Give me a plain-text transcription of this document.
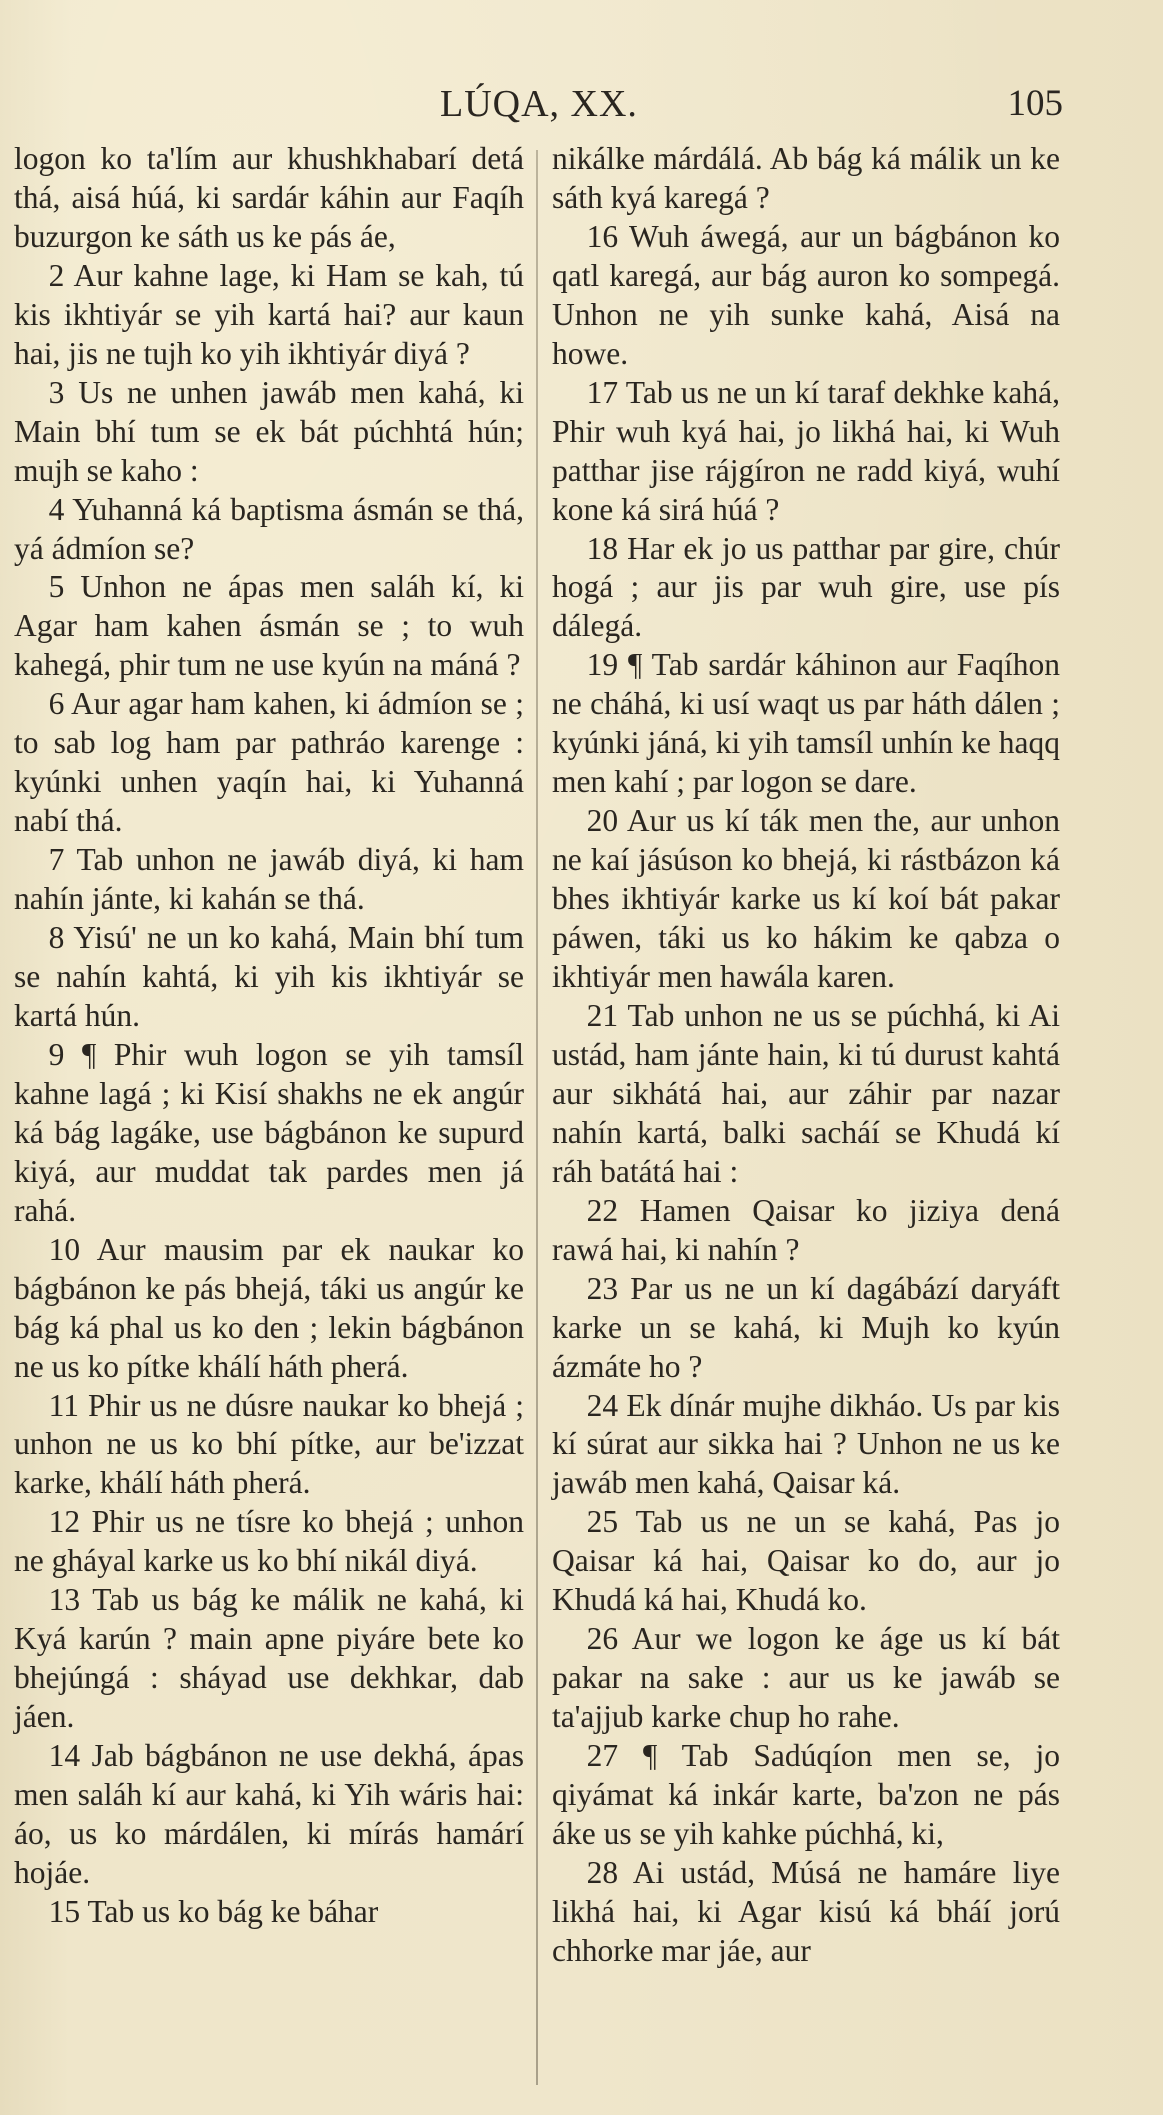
LÚQA, XX.	105

logon ko ta'lím aur khushkhabarí detá thá, aisá húá, ki sardár káhin aur Faqíh buzurgon ke sáth us ke pás áe,

2 Aur kahne lage, ki Ham se kah, tú kis ikhtiyár se yih kartá hai? aur kaun hai, jis ne tujh ko yih ikhtiyár diyá ?

3 Us ne unhen jawáb men kahá, ki Main bhí tum se ek bát púchhtá hún; mujh se kaho :

4 Yuhanná ká baptisma ásmán se thá, yá ádmíon se?

5 Unhon ne ápas men saláh kí, ki Agar ham kahen ásmán se ; to wuh kahegá, phir tum ne use kyún na máná ?

6 Aur agar ham kahen, ki ádmíon se ; to sab log ham par pathráo karenge : kyúnki unhen yaqín hai, ki Yuhanná nabí thá.

7 Tab unhon ne jawáb diyá, ki ham nahín jánte, ki kahán se thá.

8 Yisú' ne un ko kahá, Main bhí tum se nahín kahtá, ki yih kis ikhtiyár se kartá hún.

9 ¶ Phir wuh logon se yih tamsíl kahne lagá ; ki Kisí shakhs ne ek angúr ká bág lagáke, use bágbánon ke supurd kiyá, aur muddat tak pardes men já rahá.

10 Aur mausim par ek naukar ko bágbánon ke pás bhejá, táki us angúr ke bág ká phal us ko den ; lekin bágbánon ne us ko pítke khálí háth pherá.

11 Phir us ne dúsre naukar ko bhejá ; unhon ne us ko bhí pítke, aur be'izzat karke, khálí háth pherá.

12 Phir us ne tísre ko bhejá ; unhon ne gháyal karke us ko bhí nikál diyá.

13 Tab us bág ke málik ne kahá, ki Kyá karún ? main apne piyáre bete ko bhejúngá : sháyad use dekhkar, dab jáen.

14 Jab bágbánon ne use dekhá, ápas men saláh kí aur kahá, ki Yih wáris hai: áo, us ko márdálen, ki mírás hamárí hojáe.

15 Tab us ko bág ke báhar

nikálke márdálá. Ab bág ká málik un ke sáth kyá karegá ?

16 Wuh áwegá, aur un bágbánon ko qatl karegá, aur bág auron ko sompegá. Unhon ne yih sunke kahá, Aisá na howe.

17 Tab us ne un kí taraf dekhke kahá, Phir wuh kyá hai, jo likhá hai, ki Wuh patthar jise rájgíron ne radd kiyá, wuhí kone ká sirá húá ?

18 Har ek jo us patthar par gire, chúr hogá ; aur jis par wuh gire, use pís dálegá.

19 ¶ Tab sardár káhinon aur Faqíhon ne cháhá, ki usí waqt us par háth dálen ; kyúnki jáná, ki yih tamsíl unhín ke haqq men kahí ; par logon se dare.

20 Aur us kí ták men the, aur unhon ne kaí jásúson ko bhejá, ki rástbázon ká bhes ikhtiyár karke us kí koí bát pakar páwen, táki us ko hákim ke qabza o ikhtiyár men hawála karen.

21 Tab unhon ne us se púchhá, ki Ai ustád, ham jánte hain, ki tú durust kahtá aur sikhátá hai, aur záhir par nazar nahín kartá, balki sacháí se Khudá kí ráh batátá hai :

22 Hamen Qaisar ko jiziya dená rawá hai, ki nahín ?

23 Par us ne un kí dagábází daryáft karke un se kahá, ki Mujh ko kyún ázmáte ho ?

24 Ek dínár mujhe dikháo. Us par kis kí súrat aur sikka hai ? Unhon ne us ke jawáb men kahá, Qaisar ká.

25 Tab us ne un se kahá, Pas jo Qaisar ká hai, Qaisar ko do, aur jo Khudá ká hai, Khudá ko.

26 Aur we logon ke áge us kí bát pakar na sake : aur us ke jawáb se ta'ajjub karke chup ho rahe.

27 ¶ Tab Sadúqíon men se, jo qiyámat ká inkár karte, ba'zon ne pás áke us se yih kahke púchhá, ki,

28 Ai ustád, Músá ne hamáre liye likhá hai, ki Agar kisú ká bháí jorú chhorke mar jáe, aur
